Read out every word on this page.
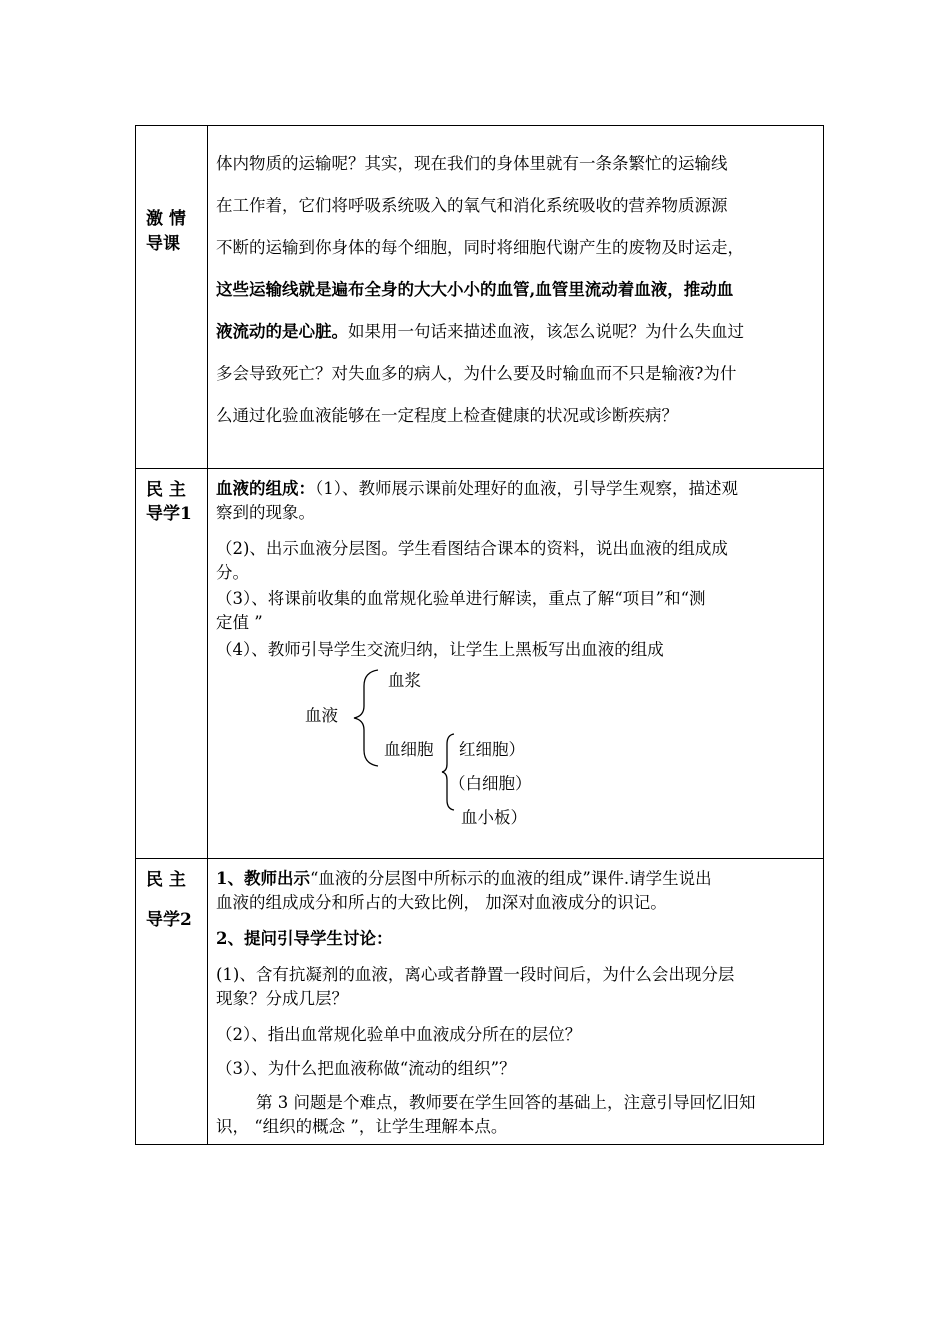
激 情
导课
体内物质的运输呢？其实，现在我们的身体里就有一条条繁忙的运输线
在工作着，它们将呼吸系统吸入的氧气和消化系统吸收的营养物质源源
不断的运输到你身体的每个细胞，同时将细胞代谢产生的废物及时运走，
这些运输线就是遍布全身的大大小小的血管,血管里流动着血液，推动血
液流动的是心脏。如果用一句话来描述血液，该怎么说呢？为什么失血过
多会导致死亡？对失血多的病人，为什么要及时输血而不只是输液?为什
么通过化验血液能够在一定程度上检查健康的状况或诊断疾病？
民 主
导学1
血液的组成：（1）、教师展示课前处理好的血液，引导学生观察，描述观
察到的现象。
（2)、出示血液分层图。学生看图结合课本的资料，说出血液的组成成
分。
（3）、将课前收集的血常规化验单进行解读，重点了解“项目”和“测
定值 ”
（4）、教师引导学生交流归纳，让学生上黑板写出血液的组成
血液
血浆
血细胞 红细胞）
（白细胞）
血小板）
民 主
导学2
1、教师出示“血液的分层图中所标示的血液的组成”课件.请学生说出
血液的组成成分和所占的大致比例， 加深对血液成分的识记。
2、提问引导学生讨论：
(1)、含有抗凝剂的血液，离心或者静置一段时间后，为什么会出现分层
现象？分成几层？
（2）、指出血常规化验单中血液成分所在的层位？
（3）、为什么把血液称做“流动的组织”？
第 3 问题是个难点，教师要在学生回答的基础上，注意引导回忆旧知
识， “组织的概念 ”，让学生理解本点。
